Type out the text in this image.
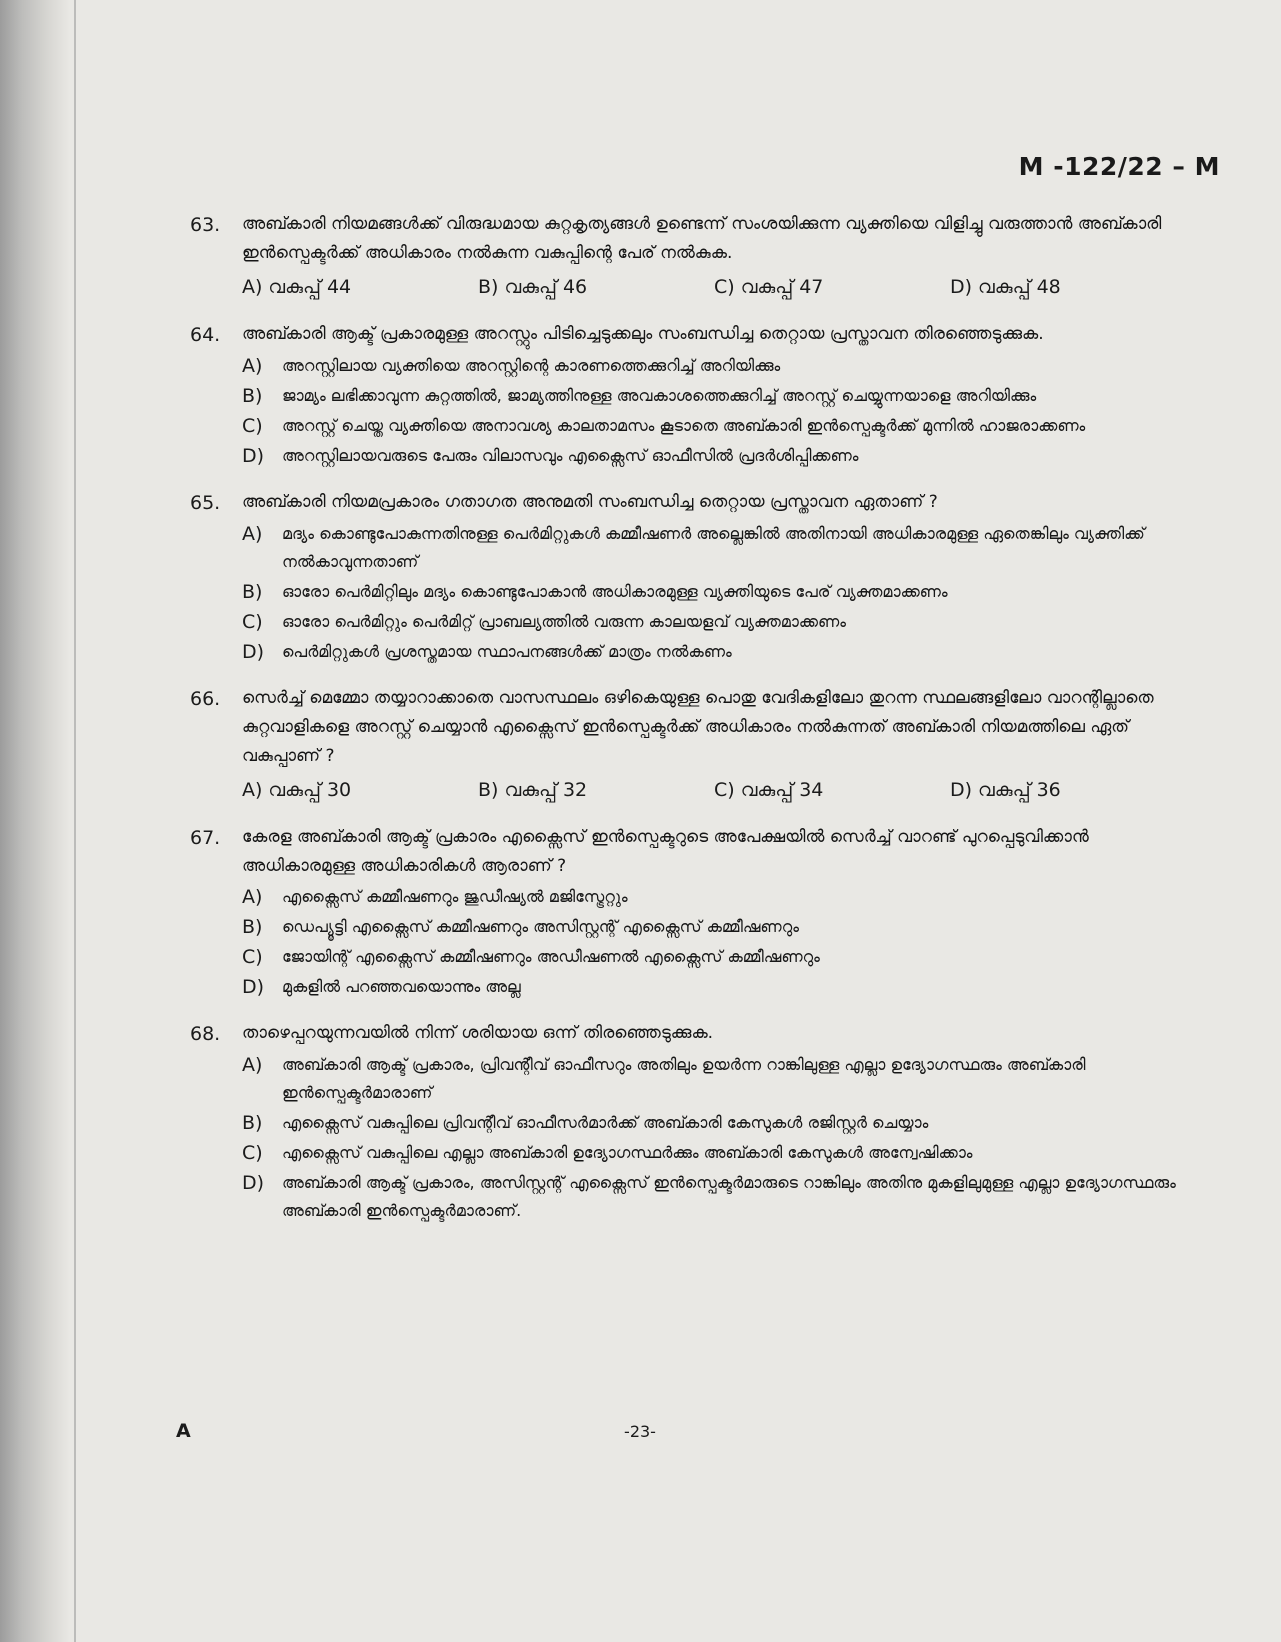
M -122/22 – M
63.	അബ്കാരി നിയമങ്ങൾക്ക് വിരുദ്ധമായ കുറ്റകൃത്യങ്ങൾ ഉണ്ടെന്ന് സംശയിക്കുന്ന വ്യക്തിയെ വിളിച്ചു വരുത്താൻ അബ്കാരി ഇൻസ്പെക്ടർക്ക് അധികാരം നൽകുന്ന വകുപ്പിന്റെ പേര് നൽകുക.
A) വകുപ്പ് 44	B) വകുപ്പ് 46	C) വകുപ്പ് 47	D) വകുപ്പ് 48
64.	അബ്കാരി ആക്ട് പ്രകാരമുള്ള അറസ്റ്റും പിടിച്ചെടുക്കലും സംബന്ധിച്ച തെറ്റായ പ്രസ്താവന തിരഞ്ഞെടുക്കുക.
A)	അറസ്റ്റിലായ വ്യക്തിയെ അറസ്റ്റിന്റെ കാരണത്തെക്കുറിച്ച് അറിയിക്കും
B)	ജാമ്യം ലഭിക്കാവുന്ന കുറ്റത്തിൽ, ജാമ്യത്തിനുള്ള അവകാശത്തെക്കുറിച്ച് അറസ്റ്റ് ചെയ്യുന്നയാളെ അറിയിക്കും
C)	അറസ്റ്റ് ചെയ്ത വ്യക്തിയെ അനാവശ്യ കാലതാമസം കൂടാതെ അബ്കാരി ഇൻസ്പെക്ടർക്ക് മുന്നിൽ ഹാജരാക്കണം
D)	അറസ്റ്റിലായവരുടെ പേരും വിലാസവും എക്സൈസ് ഓഫീസിൽ പ്രദർശിപ്പിക്കണം
65.	അബ്കാരി നിയമപ്രകാരം ഗതാഗത അനുമതി സംബന്ധിച്ച തെറ്റായ പ്രസ്താവന ഏതാണ് ?
A)	മദ്യം കൊണ്ടുപോകുന്നതിനുള്ള പെർമിറ്റുകൾ കമ്മീഷണർ അല്ലെങ്കിൽ അതിനായി അധികാരമുള്ള ഏതെങ്കിലും വ്യക്തിക്ക് നൽകാവുന്നതാണ്
B)	ഓരോ പെർമിറ്റിലും മദ്യം കൊണ്ടുപോകാൻ അധികാരമുള്ള വ്യക്തിയുടെ പേര് വ്യക്തമാക്കണം
C)	ഓരോ പെർമിറ്റും പെർമിറ്റ് പ്രാബല്യത്തിൽ വരുന്ന കാലയളവ് വ്യക്തമാക്കണം
D)	പെർമിറ്റുകൾ പ്രശസ്തമായ സ്ഥാപനങ്ങൾക്ക് മാത്രം നൽകണം
66.	സെർച്ച് മെമ്മോ തയ്യാറാക്കാതെ വാസസ്ഥലം ഒഴികെയുള്ള പൊതു വേദികളിലോ തുറന്ന സ്ഥലങ്ങളിലോ വാറന്റില്ലാതെ കുറ്റവാളികളെ അറസ്റ്റ് ചെയ്യാൻ എക്സൈസ് ഇൻസ്പെക്ടർക്ക് അധികാരം നൽകുന്നത് അബ്കാരി നിയമത്തിലെ ഏത് വകുപ്പാണ് ?
A) വകുപ്പ് 30	B) വകുപ്പ് 32	C) വകുപ്പ് 34	D) വകുപ്പ് 36
67.	കേരള അബ്കാരി ആക്ട് പ്രകാരം എക്സൈസ് ഇൻസ്പെക്ടറുടെ അപേക്ഷയിൽ സെർച്ച് വാറണ്ട് പുറപ്പെടുവിക്കാൻ അധികാരമുള്ള അധികാരികൾ ആരാണ് ?
A)	എക്സൈസ് കമ്മീഷണറും ജുഡീഷ്യൽ മജിസ്ട്രേറ്റും
B)	ഡെപ്യൂട്ടി എക്സൈസ് കമ്മീഷണറും അസിസ്റ്റന്റ് എക്സൈസ് കമ്മീഷണറും
C)	ജോയിന്റ് എക്സൈസ് കമ്മീഷണറും അഡീഷണൽ എക്സൈസ് കമ്മീഷണറും
D)	മുകളിൽ പറഞ്ഞവയൊന്നും അല്ല
68.	താഴെപ്പറയുന്നവയിൽ നിന്ന് ശരിയായ ഒന്ന് തിരഞ്ഞെടുക്കുക.
A)	അബ്കാരി ആക്ട് പ്രകാരം, പ്രിവന്റീവ് ഓഫീസറും അതിലും ഉയർന്ന റാങ്കിലുള്ള എല്ലാ ഉദ്യോഗസ്ഥരും അബ്കാരി ഇൻസ്പെക്ടർമാരാണ്
B)	എക്സൈസ് വകുപ്പിലെ പ്രിവന്റീവ് ഓഫീസർമാർക്ക് അബ്കാരി കേസുകൾ രജിസ്റ്റർ ചെയ്യാം
C)	എക്സൈസ് വകുപ്പിലെ എല്ലാ അബ്കാരി ഉദ്യോഗസ്ഥർക്കും അബ്കാരി കേസുകൾ അന്വേഷിക്കാം
D)	അബ്കാരി ആക്ട് പ്രകാരം, അസിസ്റ്റന്റ് എക്സൈസ് ഇൻസ്പെക്ടർമാരുടെ റാങ്കിലും അതിനു മുകളിലുമുള്ള എല്ലാ ഉദ്യോഗസ്ഥരും അബ്കാരി ഇൻസ്പെക്ടർമാരാണ്.
A	-23-
